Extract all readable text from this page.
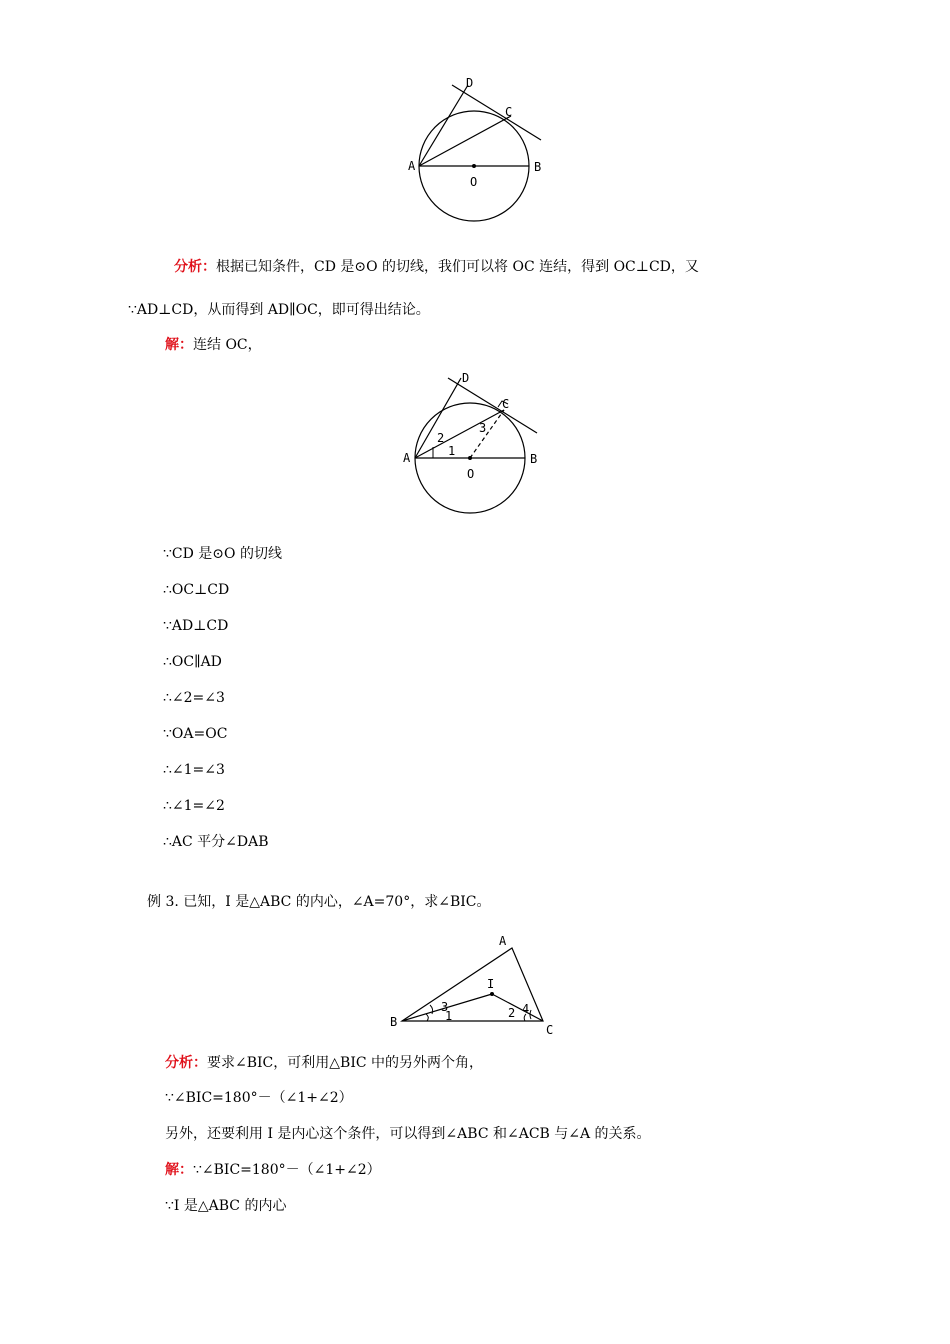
A	B
C
D
O
分析：根据已知条件，CD 是⊙O 的切线，我们可以将 OC 连结，得到 OC⊥CD，又
∵AD⊥CD，从而得到 AD∥OC，即可得出结论。
解：连结 OC，
A	B
C
D
O
1
2
3
∵CD 是⊙O 的切线
∴OC⊥CD
∵AD⊥CD
∴OC∥AD
∴∠2=∠3
∵OA=OC
∴∠1=∠3
∴∠1=∠2
∴AC 平分∠DAB
例 3. 已知，I 是△ABC 的内心，∠A=70°，求∠BIC。
B
A
C
I
1	2
3	4
分析：要求∠BIC，可利用△BIC 中的另外两个角，
∵∠BIC=180°－（∠1+∠2）
另外，还要利用 I 是内心这个条件，可以得到∠ABC 和∠ACB 与∠A 的关系。
解：∵∠BIC=180°－（∠1+∠2）
∵I 是△ABC 的内心
